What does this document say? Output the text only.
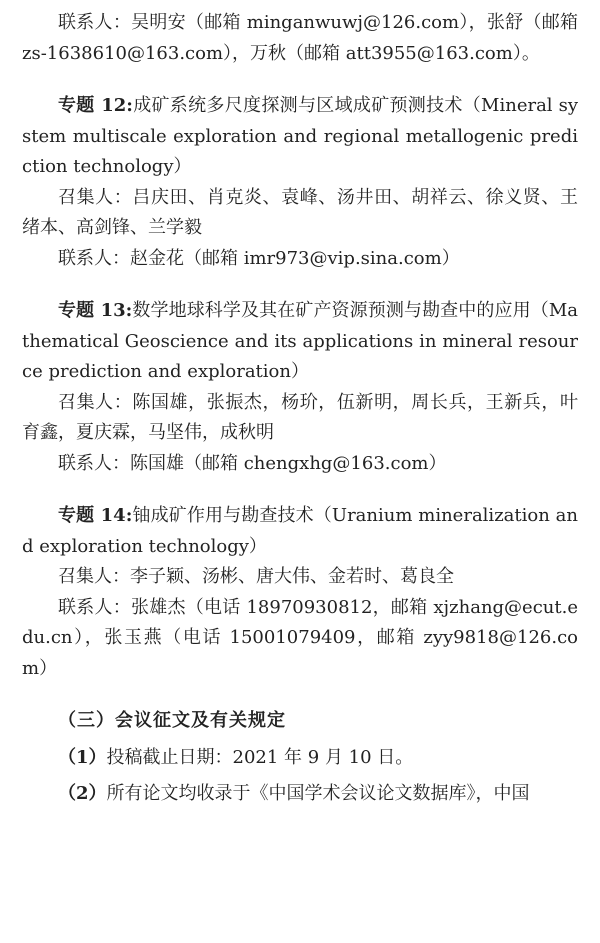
联系人：吴明安（邮箱 minganwuwj@126.com），张舒（邮箱 zs-1638610@163.com），万秋（邮箱 att3955@163.com）。

专题 12:成矿系统多尺度探测与区域成矿预测技术（Mineral system multiscale exploration and regional metallogenic prediction technology）

召集人：吕庆田、肖克炎、袁峰、汤井田、胡祥云、徐义贤、王绪本、高剑锋、兰学毅

联系人：赵金花（邮箱 imr973@vip.sina.com）

专题 13:数学地球科学及其在矿产资源预测与勘查中的应用（Mathematical Geoscience and its applications in mineral resource prediction and exploration）

召集人：陈国雄，张振杰，杨玠，伍新明，周长兵，王新兵，叶育鑫，夏庆霖，马坚伟，成秋明

联系人：陈国雄（邮箱 chengxhg@163.com）

专题 14:铀成矿作用与勘查技术（Uranium mineralization and exploration technology）

召集人：李子颖、汤彬、唐大伟、金若时、葛良全

联系人：张雄杰（电话 18970930812，邮箱 xjzhang@ecut.edu.cn），张玉燕（电话 15001079409，邮箱 zyy9818@126.com）

（三）会议征文及有关规定

（1）投稿截止日期：2021 年 9 月 10 日。

（2）所有论文均收录于《中国学术会议论文数据库》，中国
